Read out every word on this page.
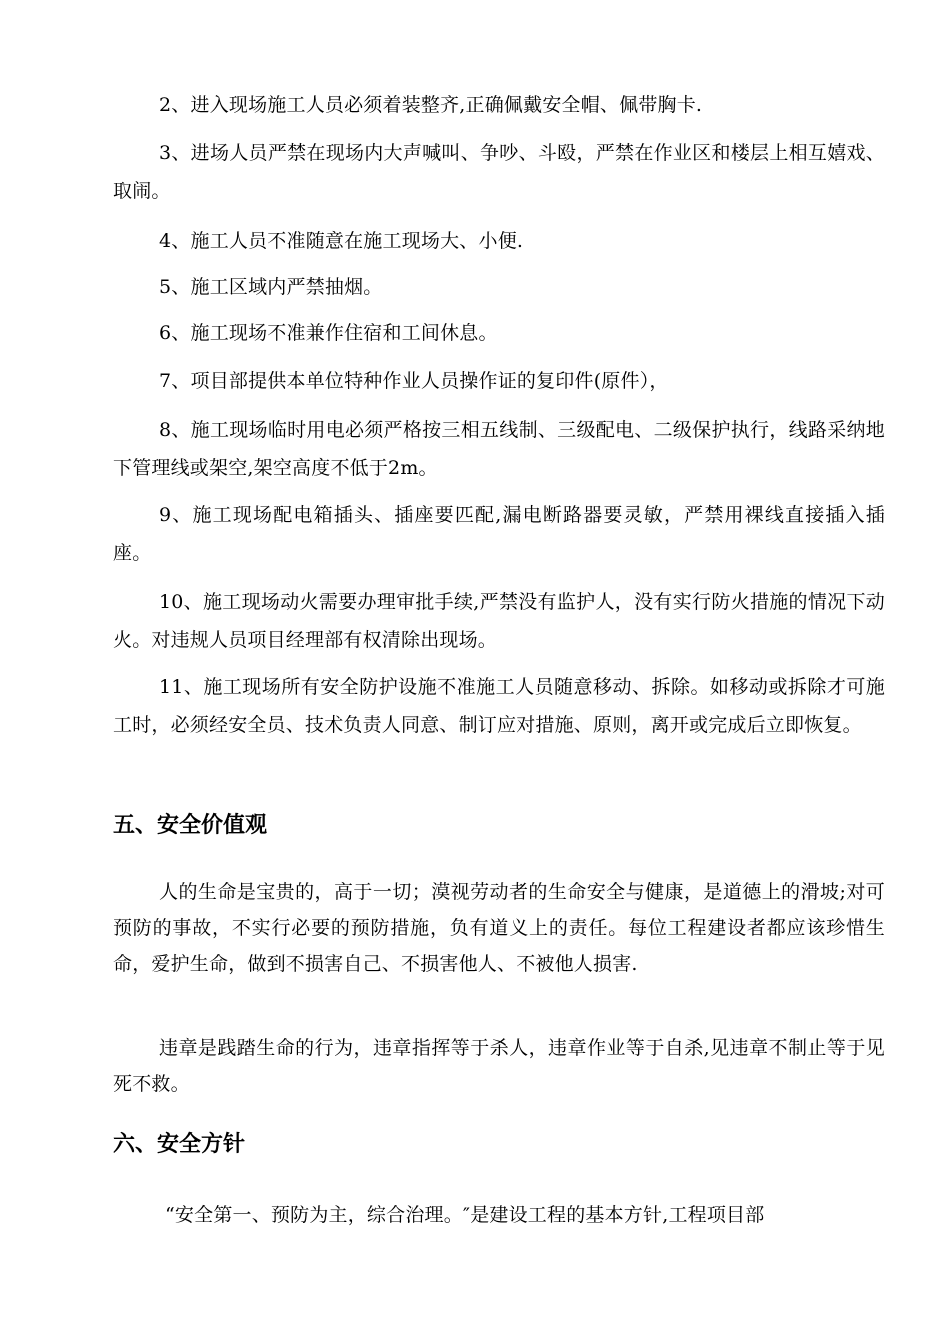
2、进入现场施工人员必须着装整齐,正确佩戴安全帽、佩带胸卡.

3、进场人员严禁在现场内大声喊叫、争吵、斗殴，严禁在作业区和楼层上相互嬉戏、取闹。

4、施工人员不准随意在施工现场大、小便.

5、施工区域内严禁抽烟。

6、施工现场不准兼作住宿和工间休息。

7、项目部提供本单位特种作业人员操作证的复印件(原件），

8、施工现场临时用电必须严格按三相五线制、三级配电、二级保护执行，线路采纳地下管理线或架空,架空高度不低于2m。

9、施工现场配电箱插头、插座要匹配,漏电断路器要灵敏，严禁用裸线直接插入插座。

10、施工现场动火需要办理审批手续,严禁没有监护人，没有实行防火措施的情况下动火。对违规人员项目经理部有权清除出现场。

11、施工现场所有安全防护设施不准施工人员随意移动、拆除。如移动或拆除才可施工时，必须经安全员、技术负责人同意、制订应对措施、原则，离开或完成后立即恢复。

五、安全价值观

人的生命是宝贵的，高于一切；漠视劳动者的生命安全与健康，是道德上的滑坡;对可预防的事故，不实行必要的预防措施，负有道义上的责任。每位工程建设者都应该珍惜生命，爱护生命，做到不损害自己、不损害他人、不被他人损害.

违章是践踏生命的行为，违章指挥等于杀人，违章作业等于自杀,见违章不制止等于见死不救。

六、安全方针

“安全第一、预防为主，综合治理。″是建设工程的基本方针,工程项目部
